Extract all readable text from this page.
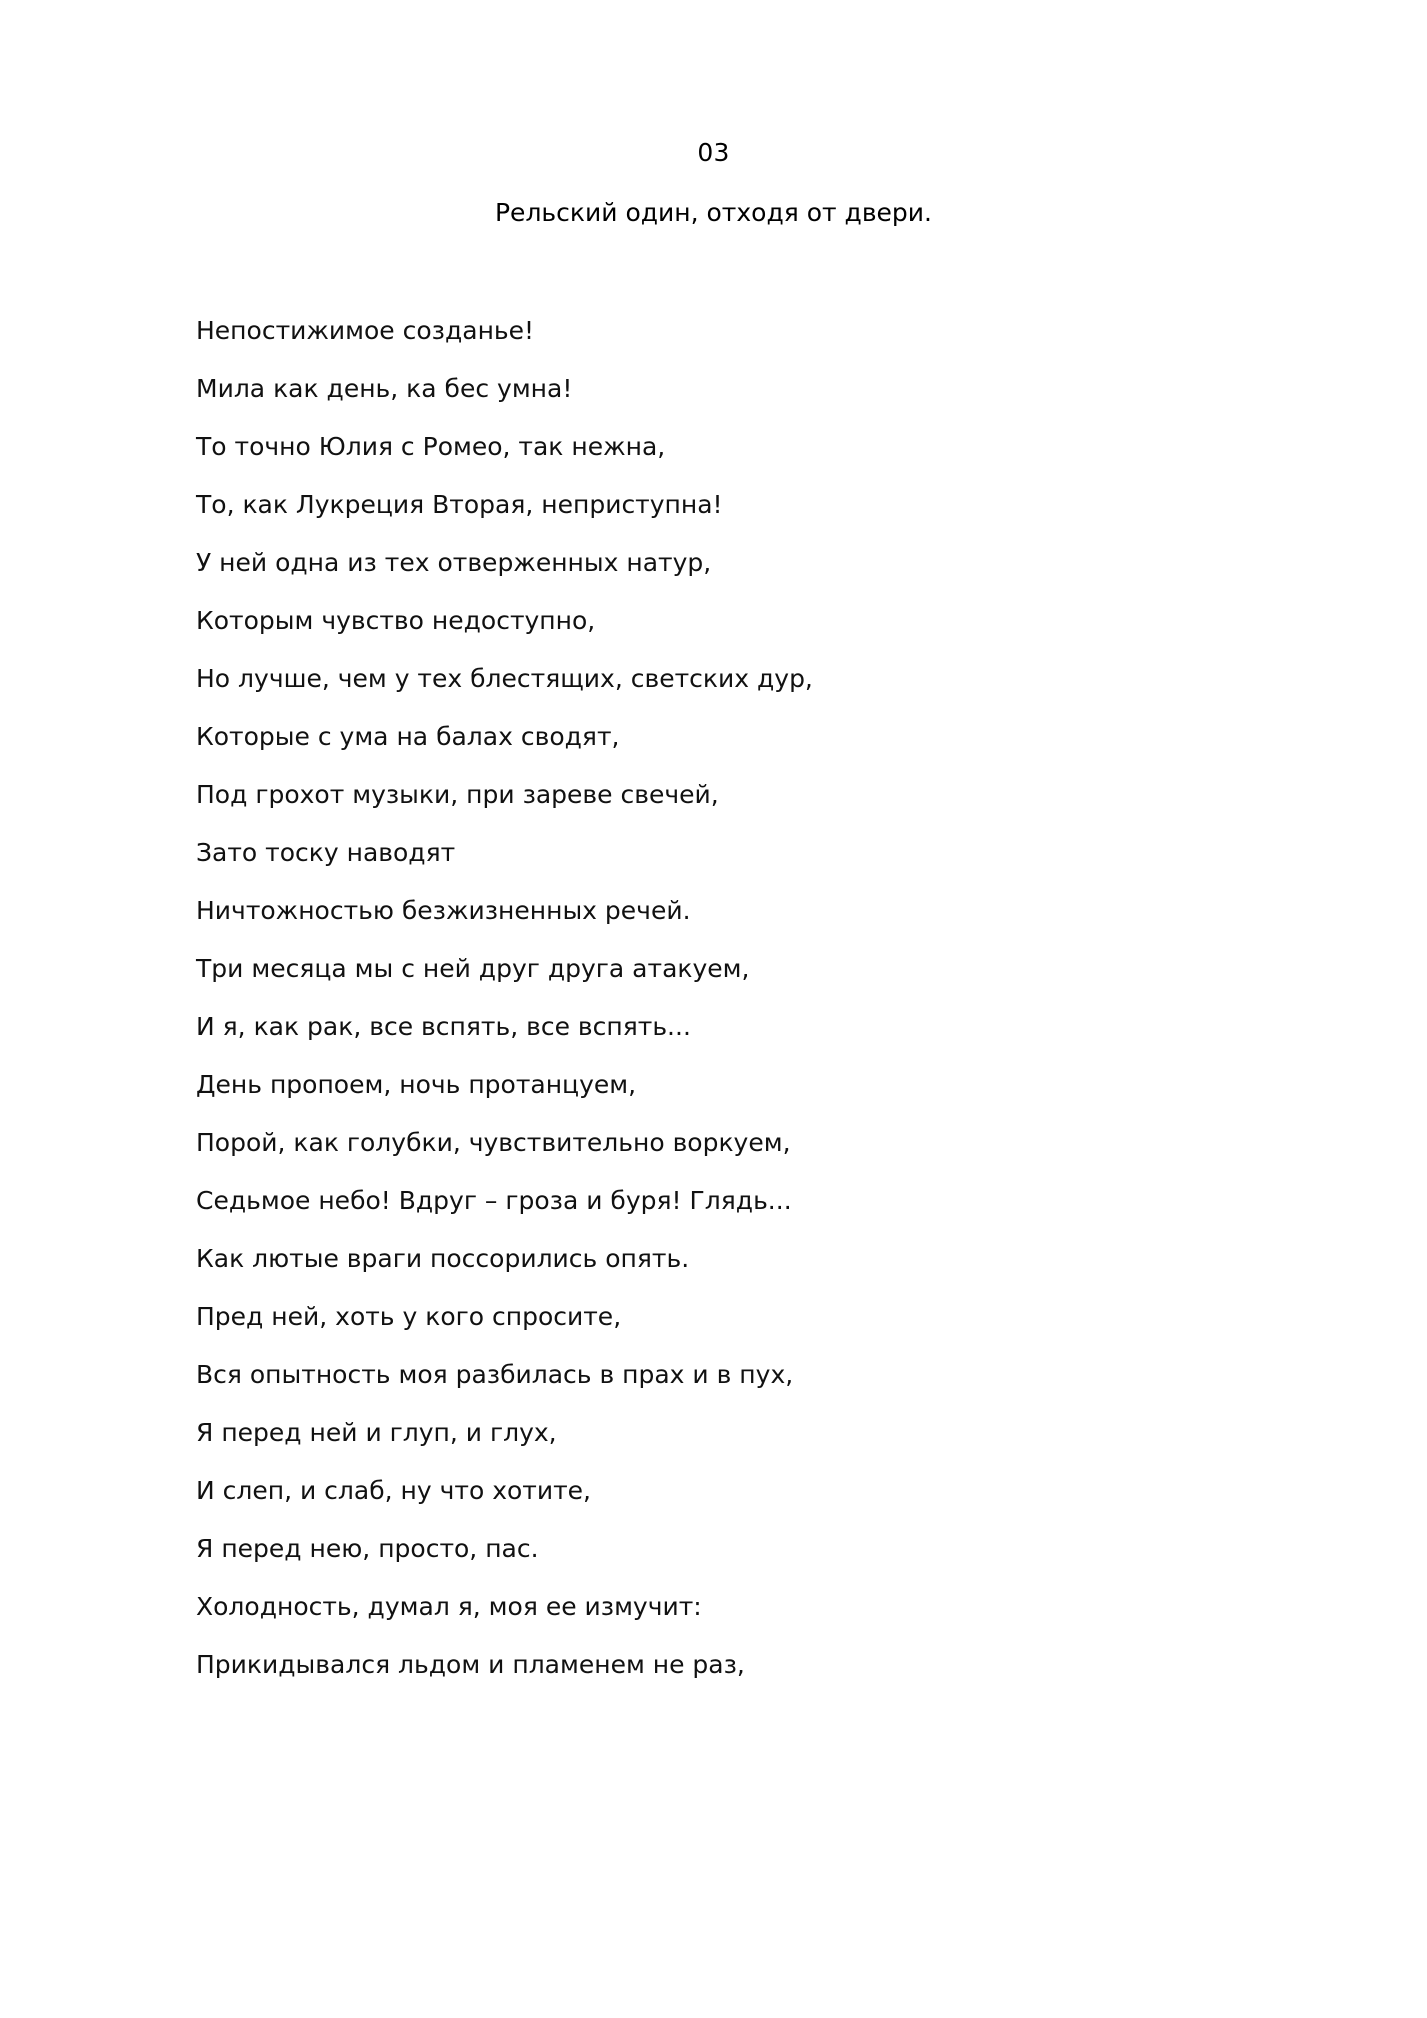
03
Рельский один, отходя от двери.
Непостижимое созданье!
Мила как день, ка бес умна!
То точно Юлия с Ромео, так нежна,
То, как Лукреция Вторая, неприступна!
У ней одна из тех отверженных натур,
Которым чувство недоступно,
Но лучше, чем у тех блестящих, светских дур,
Которые с ума на балах сводят,
Под грохот музыки, при зареве свечей,
Зато тоску наводят
Ничтожностью безжизненных речей.
Три месяца мы с ней друг друга атакуем,
И я, как рак, все вспять, все вспять...
День пропоем, ночь протанцуем,
Порой, как голубки, чувствительно воркуем,
Седьмое небо! Вдруг – гроза и буря! Глядь...
Как лютые враги поссорились опять.
Пред ней, хоть у кого спросите,
Вся опытность моя разбилась в прах и в пух,
Я перед ней и глуп, и глух,
И слеп, и слаб, ну что хотите,
Я перед нею, просто, пас.
Холодность, думал я, моя ее измучит:
Прикидывался льдом и пламенем не раз,
